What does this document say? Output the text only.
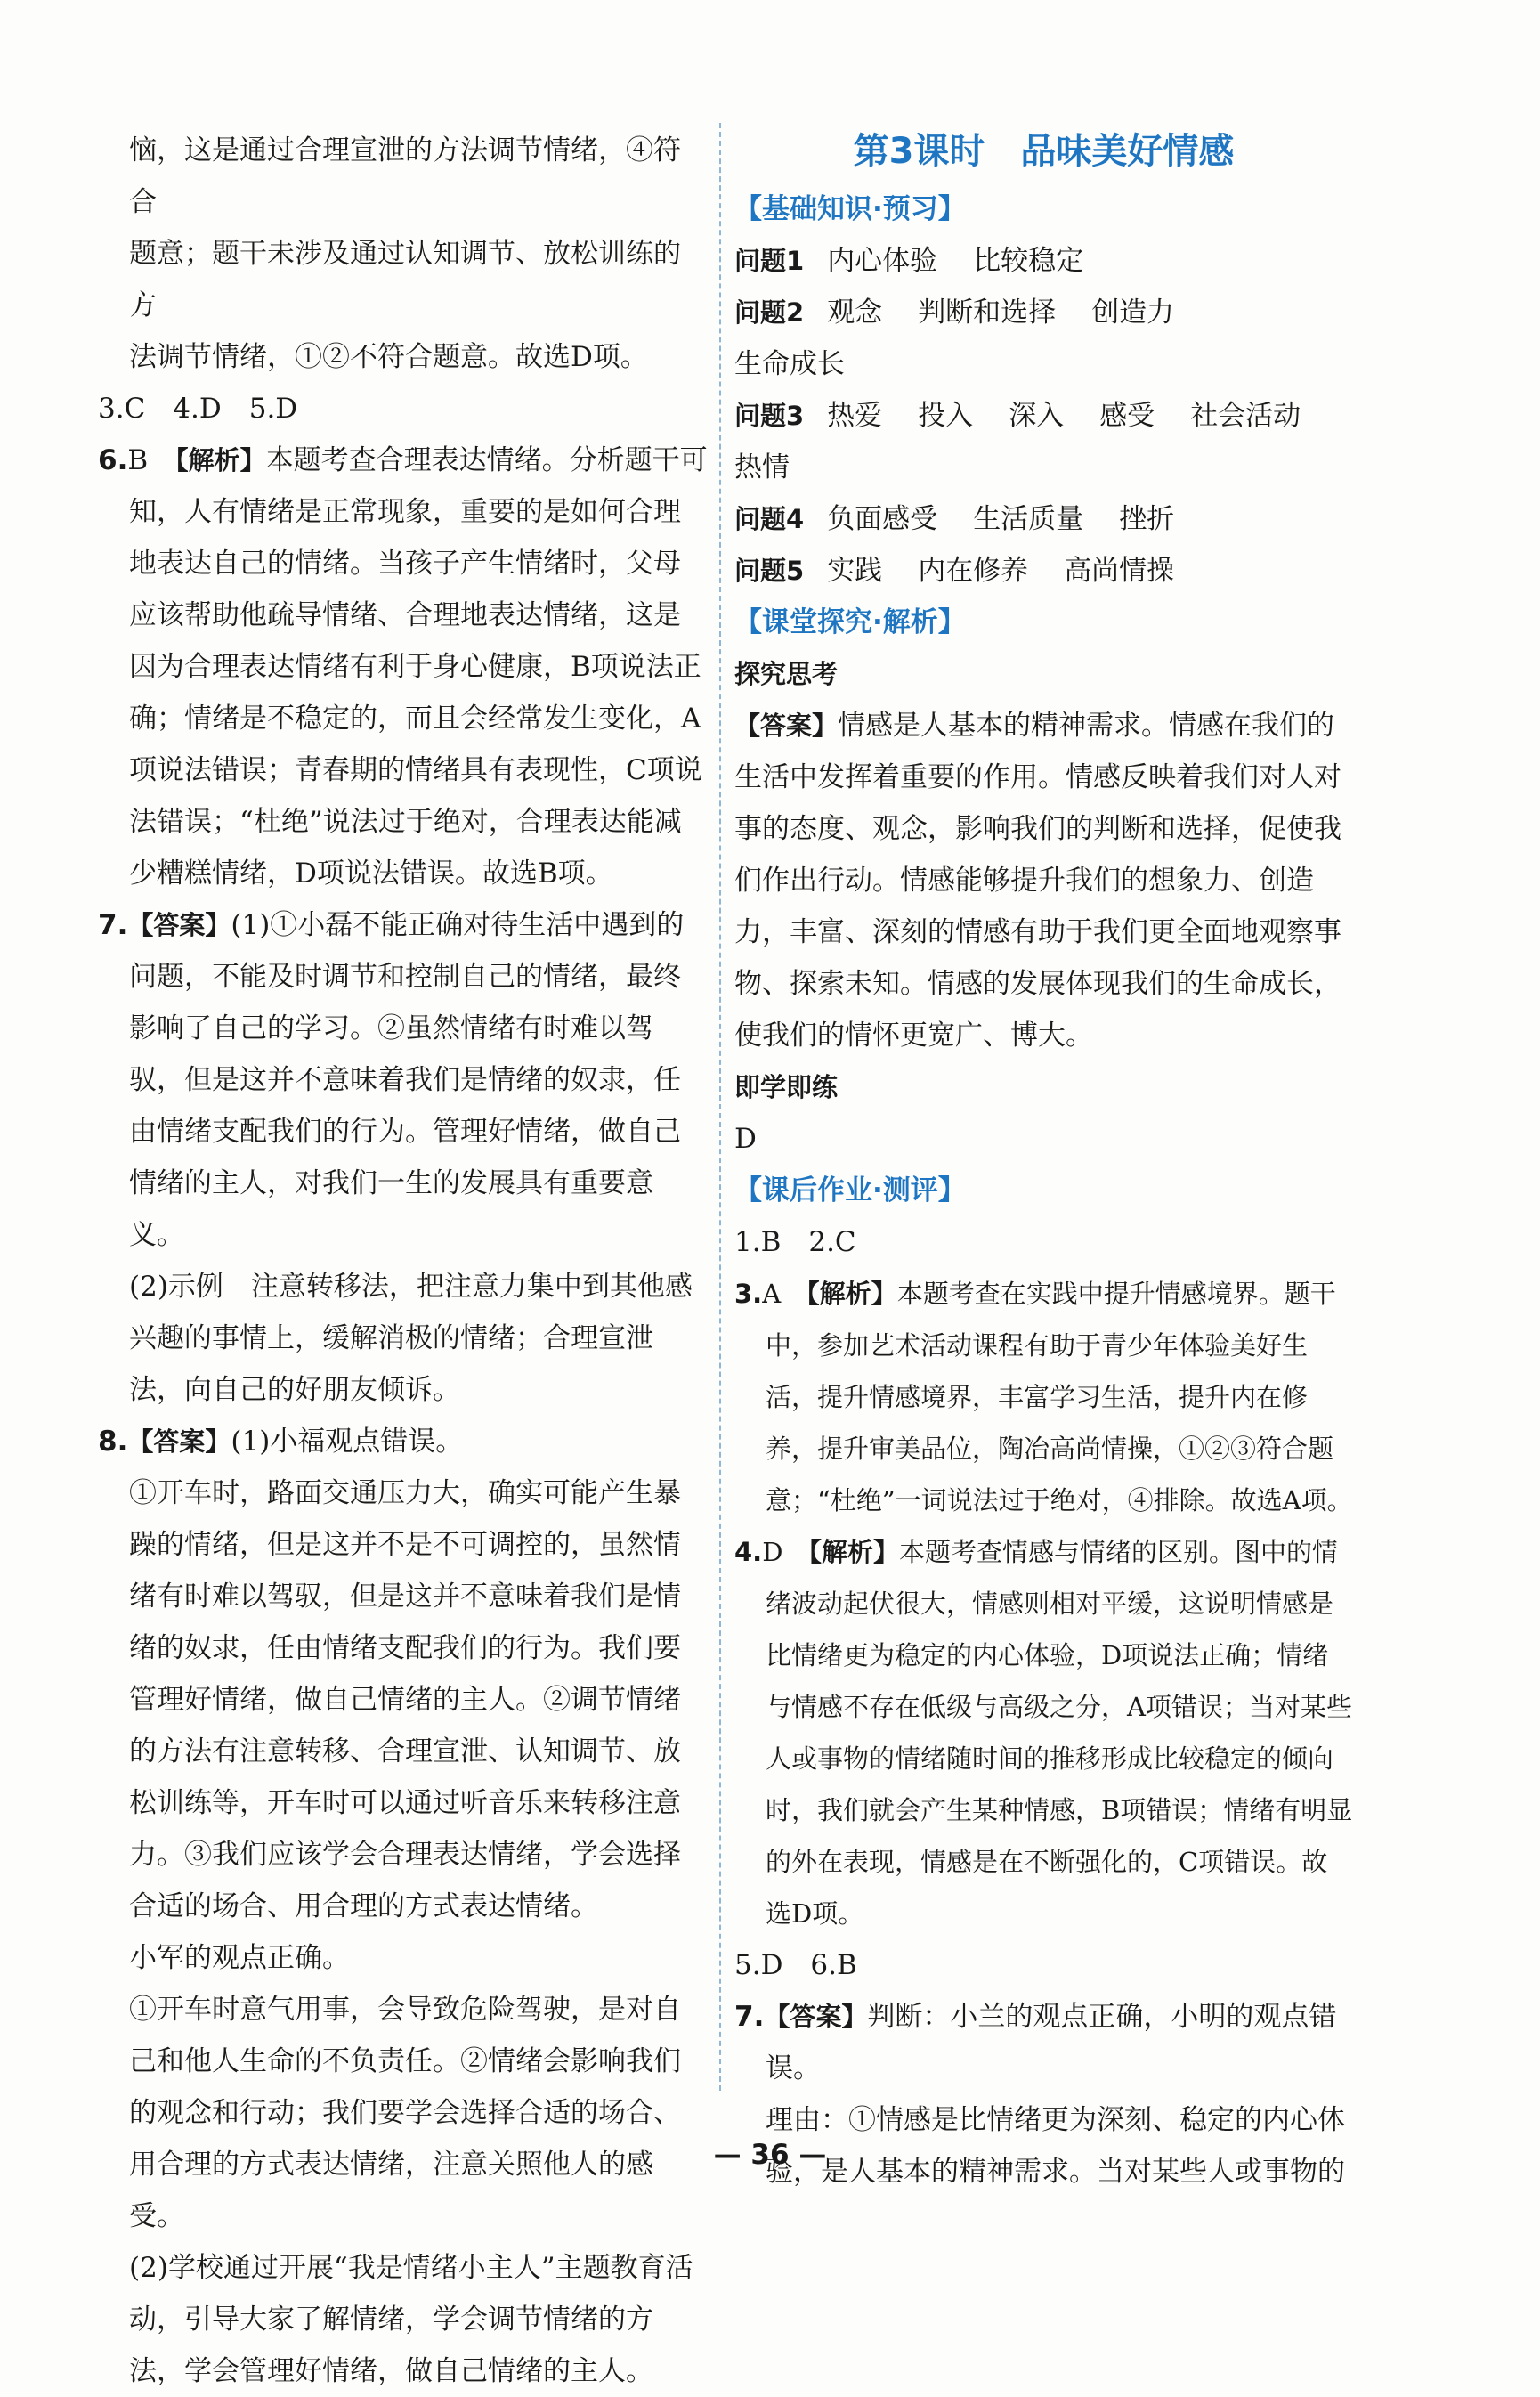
恼，这是通过合理宣泄的方法调节情绪，④符合

题意；题干未涉及通过认知调节、放松训练的方

法调节情绪，①②不符合题意。故选D项。

3.C　4.D　5.D

6.B　 【解析】本题考查合理表达情绪。分析题干可知，人有情绪是正常现象，重要的是如何合理地表达自己的情绪。当孩子产生情绪时，父母应该帮助他疏导情绪、合理地表达情绪，这是因为合理表达情绪有利于身心健康，B项说法正确；情绪是不稳定的，而且会经常发生变化，A项说法错误；青春期的情绪具有表现性，C项说法错误；“杜绝”说法过于绝对，合理表达能减少糟糕情绪，D项说法错误。故选B项。

7.【答案】(1)①小磊不能正确对待生活中遇到的问题，不能及时调节和控制自己的情绪，最终影响了自己的学习。②虽然情绪有时难以驾驭，但是这并不意味着我们是情绪的奴隶，任由情绪支配我们的行为。管理好情绪，做自己情绪的主人，对我们一生的发展具有重要意义。

(2)示例　注意转移法，把注意力集中到其他感兴趣的事情上，缓解消极的情绪；合理宣泄法，向自己的好朋友倾诉。

8.【答案】(1)小福观点错误。

①开车时，路面交通压力大，确实可能产生暴躁的情绪，但是这并不是不可调控的，虽然情绪有时难以驾驭，但是这并不意味着我们是情绪的奴隶，任由情绪支配我们的行为。我们要管理好情绪，做自己情绪的主人。②调节情绪的方法有注意转移、合理宣泄、认知调节、放松训练等，开车时可以通过听音乐来转移注意力。③我们应该学会合理表达情绪，学会选择合适的场合、用合理的方式表达情绪。

小军的观点正确。

①开车时意气用事，会导致危险驾驶，是对自己和他人生命的不负责任。②情绪会影响我们的观念和行动；我们要学会选择合适的场合、用合理的方式表达情绪，注意关照他人的感受。

(2)学校通过开展“我是情绪小主人”主题教育活动，引导大家了解情绪，学会调节情绪的方法，学会管理好情绪，做自己情绪的主人。

第3课时　品味美好情感
【基础知识·预习】
问题1 内心体验 比较稳定
问题2 观念 判断和选择 创造力
生命成长
问题3 热爱 投入 深入 感受 社会活动
热情
问题4 负面感受 生活质量 挫折
问题5 实践 内在修养 高尚情操
【课堂探究·解析】
探究思考

【答案】情感是人基本的精神需求。情感在我们的生活中发挥着重要的作用。情感反映着我们对人对事的态度、观念，影响我们的判断和选择，促使我们作出行动。情感能够提升我们的想象力、创造力，丰富、深刻的情感有助于我们更全面地观察事物、探索未知。情感的发展体现我们的生命成长，使我们的情怀更宽广、博大。

即学即练

D

【课后作业·测评】

1.B　2.C

3.A　 【解析】本题考查在实践中提升情感境界。题干中，参加艺术活动课程有助于青少年体验美好生活，提升情感境界，丰富学习生活，提升内在修养，提升审美品位，陶冶高尚情操，①②③符合题意；“杜绝”一词说法过于绝对，④排除。故选A项。

4.D　 【解析】本题考查情感与情绪的区别。图中的情绪波动起伏很大，情感则相对平缓，这说明情感是比情绪更为稳定的内心体验，D项说法正确；情绪与情感不存在低级与高级之分，A项错误；当对某些人或事物的情绪随时间的推移形成比较稳定的倾向时，我们就会产生某种情感，B项错误；情绪有明显的外在表现，情感是在不断强化的，C项错误。故选D项。

5.D　6.B

7.【答案】判断：小兰的观点正确，小明的观点错误。

理由：①情感是比情绪更为深刻、稳定的内心体验，是人基本的精神需求。当对某些人或事物的

— 36 —
